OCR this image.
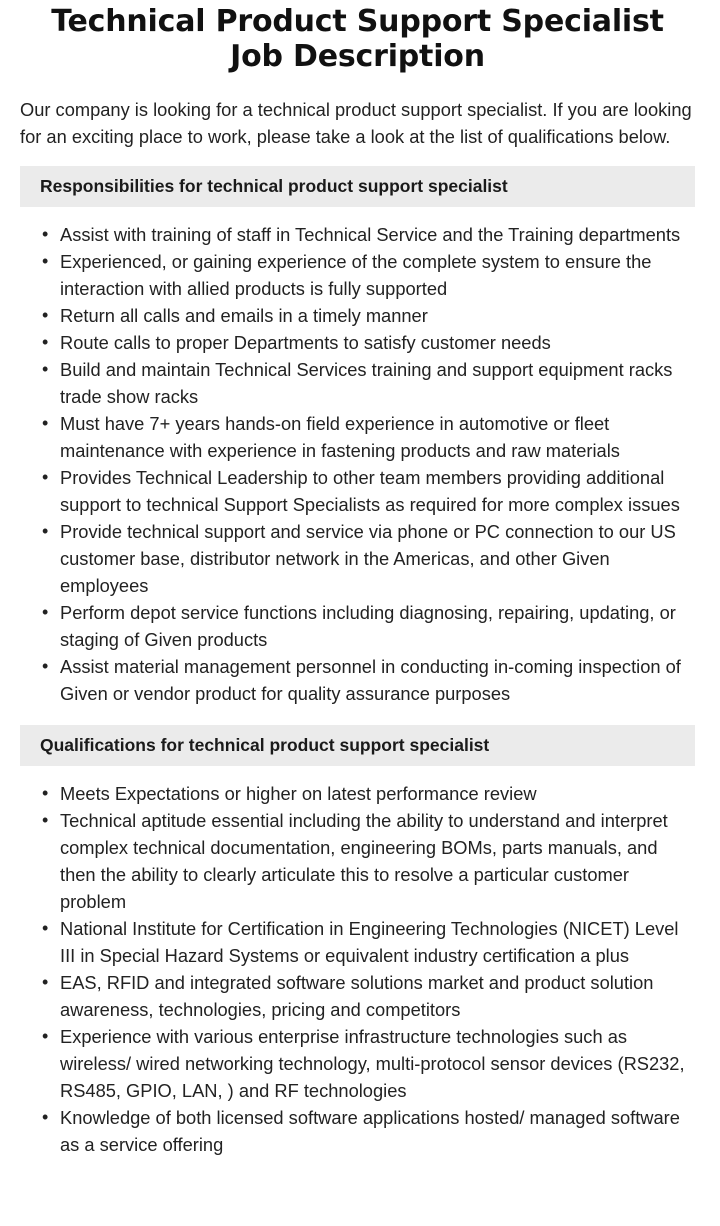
Technical Product Support Specialist Job Description

Our company is looking for a technical product support specialist. If you are looking for an exciting place to work, please take a look at the list of qualifications below.

Responsibilities for technical product support specialist
• Assist with training of staff in Technical Service and the Training departments
• Experienced, or gaining experience of the complete system to ensure the interaction with allied products is fully supported
• Return all calls and emails in a timely manner
• Route calls to proper Departments to satisfy customer needs
• Build and maintain Technical Services training and support equipment racks trade show racks
• Must have 7+ years hands-on field experience in automotive or fleet maintenance with experience in fastening products and raw materials
• Provides Technical Leadership to other team members providing additional support to technical Support Specialists as required for more complex issues
• Provide technical support and service via phone or PC connection to our US customer base, distributor network in the Americas, and other Given employees
• Perform depot service functions including diagnosing, repairing, updating, or staging of Given products
• Assist material management personnel in conducting in-coming inspection of Given or vendor product for quality assurance purposes
Qualifications for technical product support specialist
• Meets Expectations or higher on latest performance review
• Technical aptitude essential including the ability to understand and interpret complex technical documentation, engineering BOMs, parts manuals, and then the ability to clearly articulate this to resolve a particular customer problem
• National Institute for Certification in Engineering Technologies (NICET) Level III in Special Hazard Systems or equivalent industry certification a plus
• EAS, RFID and integrated software solutions market and product solution awareness, technologies, pricing and competitors
• Experience with various enterprise infrastructure technologies such as wireless/ wired networking technology, multi-protocol sensor devices (RS232, RS485, GPIO, LAN, ) and RF technologies
• Knowledge of both licensed software applications hosted/ managed software as a service offering
